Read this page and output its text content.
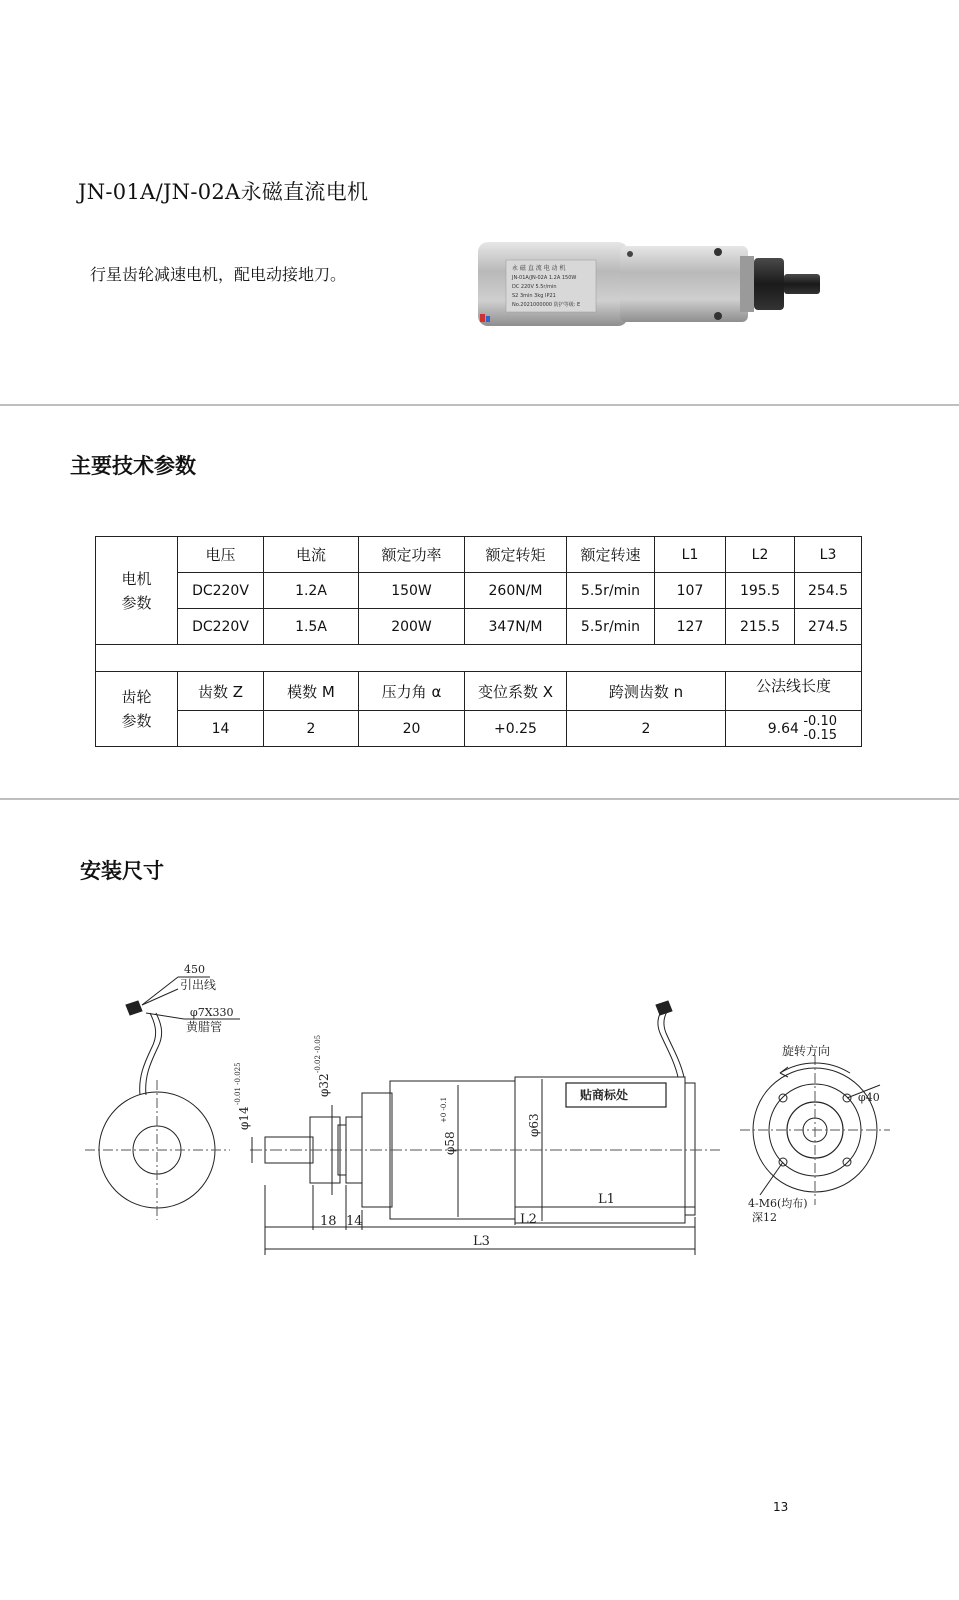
JN-01A/JN-02A永磁直流电机
行星齿轮减速电机，配电动接地刀。	永 磁 直 流 电 动 机
JN-01A/JN-02A 1.2A 150W
DC 220V 5.5r/min
S2 3min 3kg IP21
No.2021000000 防护等级: E
主要技术参数
电机参数	电压	电流	额定功率	额定转矩	额定转速	L1	L2	L3
	DC220V	1.2A	150W	260N/M	5.5r/min	107	195.5	254.5
	DC220V	1.5A	200W	347N/M	5.5r/min	127	215.5	274.5

齿轮参数	齿数 Z	模数 M	压力角 α	变位系数 X	跨测齿数 n		公法线长度	
	14	2	20	+0.25	2		9.64 -0.10
-0.15	
安装尺寸
450
引出线
φ7X330
黄腊管
φ14
-0.01 -0.025	φ32
-0.02 -0.05
φ58
+0 -0.1
φ63
贴商标处
18 14
L1
L2
L3
旋转方向
φ40
4-M6(均布)
深12
13
